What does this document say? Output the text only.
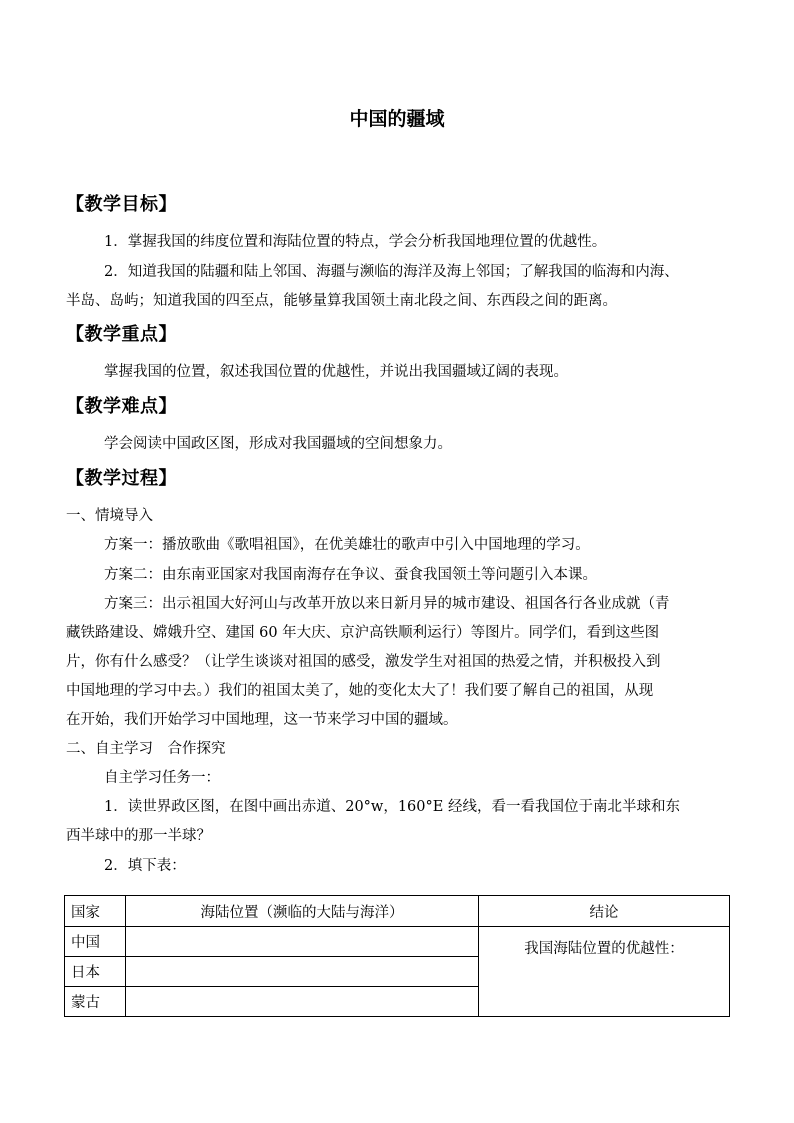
中国的疆域
【教学目标】
1．掌握我国的纬度位置和海陆位置的特点，学会分析我国地理位置的优越性。
2．知道我国的陆疆和陆上邻国、海疆与濒临的海洋及海上邻国；了解我国的临海和内海、
半岛、岛屿；知道我国的四至点，能够量算我国领土南北段之间、东西段之间的距离。
【教学重点】
掌握我国的位置，叙述我国位置的优越性，并说出我国疆域辽阔的表现。
【教学难点】
学会阅读中国政区图，形成对我国疆域的空间想象力。
【教学过程】
一、情境导入
方案一：播放歌曲《歌唱祖国》，在优美雄壮的歌声中引入中国地理的学习。
方案二：由东南亚国家对我国南海存在争议、蚕食我国领土等问题引入本课。
方案三：出示祖国大好河山与改革开放以来日新月异的城市建设、祖国各行各业成就（青
藏铁路建设、嫦娥升空、建国 60 年大庆、京沪高铁顺利运行）等图片。同学们，看到这些图
片，你有什么感受？（让学生谈谈对祖国的感受，激发学生对祖国的热爱之情，并积极投入到
中国地理的学习中去。）我们的祖国太美了，她的变化太大了！我们要了解自己的祖国，从现
在开始，我们开始学习中国地理，这一节来学习中国的疆域。
二、自主学习　合作探究
自主学习任务一：
1．读世界政区图，在图中画出赤道、20°w，160°E 经线，看一看我国位于南北半球和东
西半球中的那一半球？
2．填下表：
国家	海陆位置（濒临的大陆与海洋）	结论
中国		我国海陆位置的优越性：
日本		
蒙古		
